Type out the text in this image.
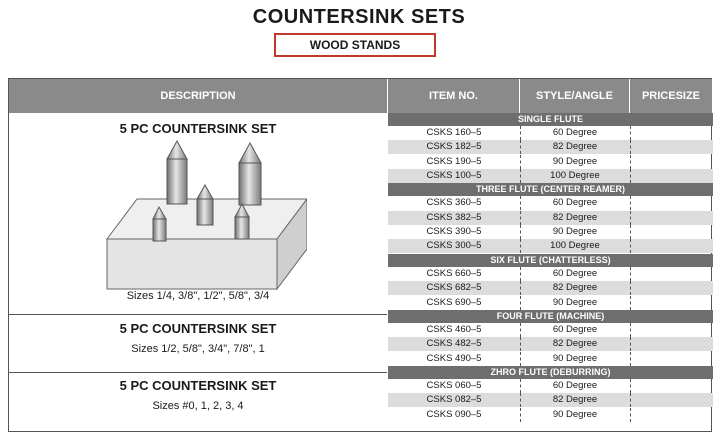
COUNTERSINK SETS
WOOD STANDS
DESCRIPTION	ITEM NO.	STYLE/ANGLE	PRICESIZE
5 PC COUNTERSINK SET
Sizes 1/4, 3/8", 1/2", 5/8", 3/4
5 PC COUNTERSINK SET
Sizes 1/2, 5/8", 3/4", 7/8", 1
5 PC COUNTERSINK SET
Sizes #0, 1, 2, 3, 4
SINGLE FLUTE
CSKS 160–5	60 Degree
CSKS 182–5	82 Degree
CSKS 190–5	90 Degree
CSKS 100–5	100 Degree
THREE FLUTE (CENTER REAMER)
CSKS 360–5	60 Degree
CSKS 382–5	82 Degree
CSKS 390–5	90 Degree
CSKS 300–5	100 Degree
SIX FLUTE (CHATTERLESS)
CSKS 660–5	60 Degree
CSKS 682–5	82 Degree
CSKS 690–5	90 Degree
FOUR FLUTE (MACHINE)
CSKS 460–5	60 Degree
CSKS 482–5	82 Degree
CSKS 490–5	90 Degree
ZHRO FLUTE (DEBURRING)
CSKS 060–5	60 Degree
CSKS 082–5	82 Degree
CSKS 090–5	90 Degree
